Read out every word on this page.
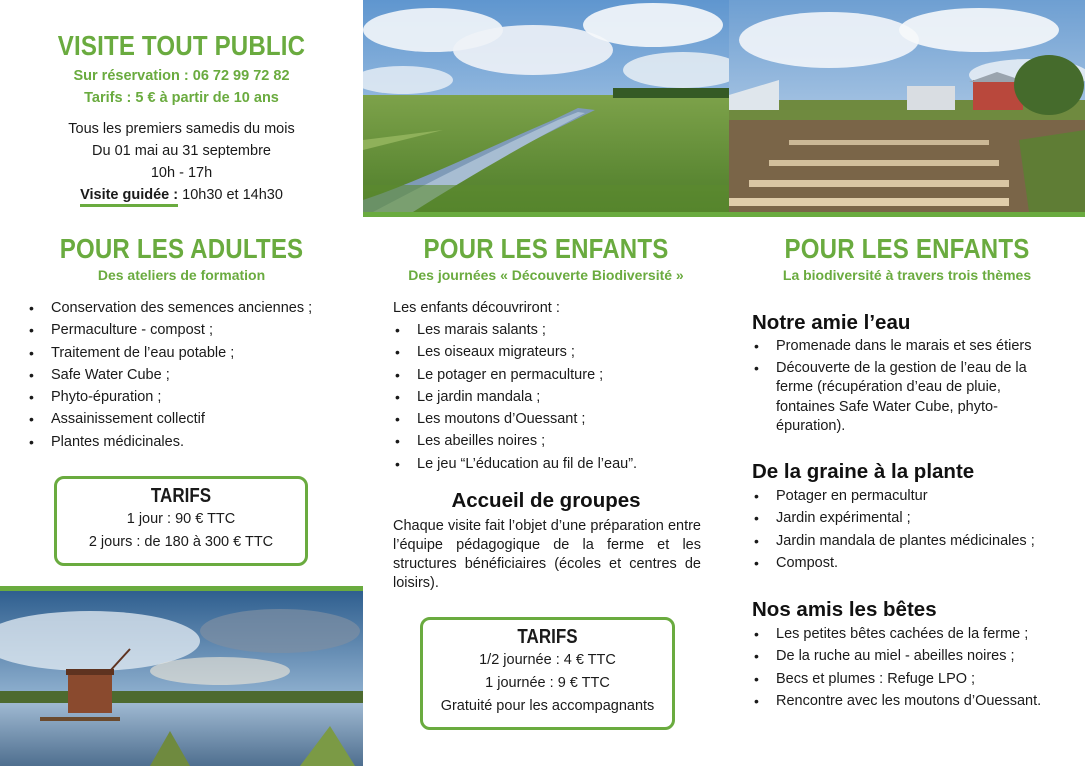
VISITE TOUT PUBLIC
Sur réservation : 06 72 99 72 82
Tarifs : 5 € à partir de 10 ans
Tous les premiers samedis du mois
Du 01 mai au 31 septembre
10h - 17h
Visite guidée : 10h30 et 14h30
POUR LES ADULTES
Des ateliers de formation
• Conservation des semences anciennes ;
• Permaculture - compost ;
• Traitement de l’eau potable ;
• Safe Water Cube ;
• Phyto-épuration ;
• Assainissement collectif
• Plantes médicinales.
TARIFS
1 jour : 90 € TTC
2 jours : de 180 à 300 € TTC
POUR LES ENFANTS
Des journées « Découverte Biodiversité »
Les enfants découvriront :
• Les marais salants ;
• Les oiseaux migrateurs ;
• Le potager en permaculture ;
• Le jardin mandala ;
• Les moutons d’Ouessant ;
• Les abeilles noires ;
• Le jeu “L’éducation au fil de l’eau”.
Accueil de groupes
Chaque visite fait l’objet d’une préparation entre l’équipe pédagogique de la ferme et les structures bénéficiaires (écoles et centres de loisirs).
TARIFS
1/2 journée : 4 € TTC
1 journée : 9 € TTC
Gratuité pour les accompagnants
POUR LES ENFANTS
La biodiversité à travers trois thèmes
Notre amie l’eau
• Promenade dans le marais et ses étiers
• Découverte de la gestion de l’eau de la ferme (récupération d’eau de pluie, fontaines Safe Water Cube, phyto-épuration).
De la graine à la plante
• Potager en permacultur
• Jardin expérimental ;
• Jardin mandala de plantes médicinales ;
• Compost.
Nos amis les bêtes
• Les petites bêtes cachées de la ferme ;
• De la ruche au miel - abeilles noires ;
• Becs et plumes : Refuge LPO ;
• Rencontre avec les moutons d’Ouessant.
